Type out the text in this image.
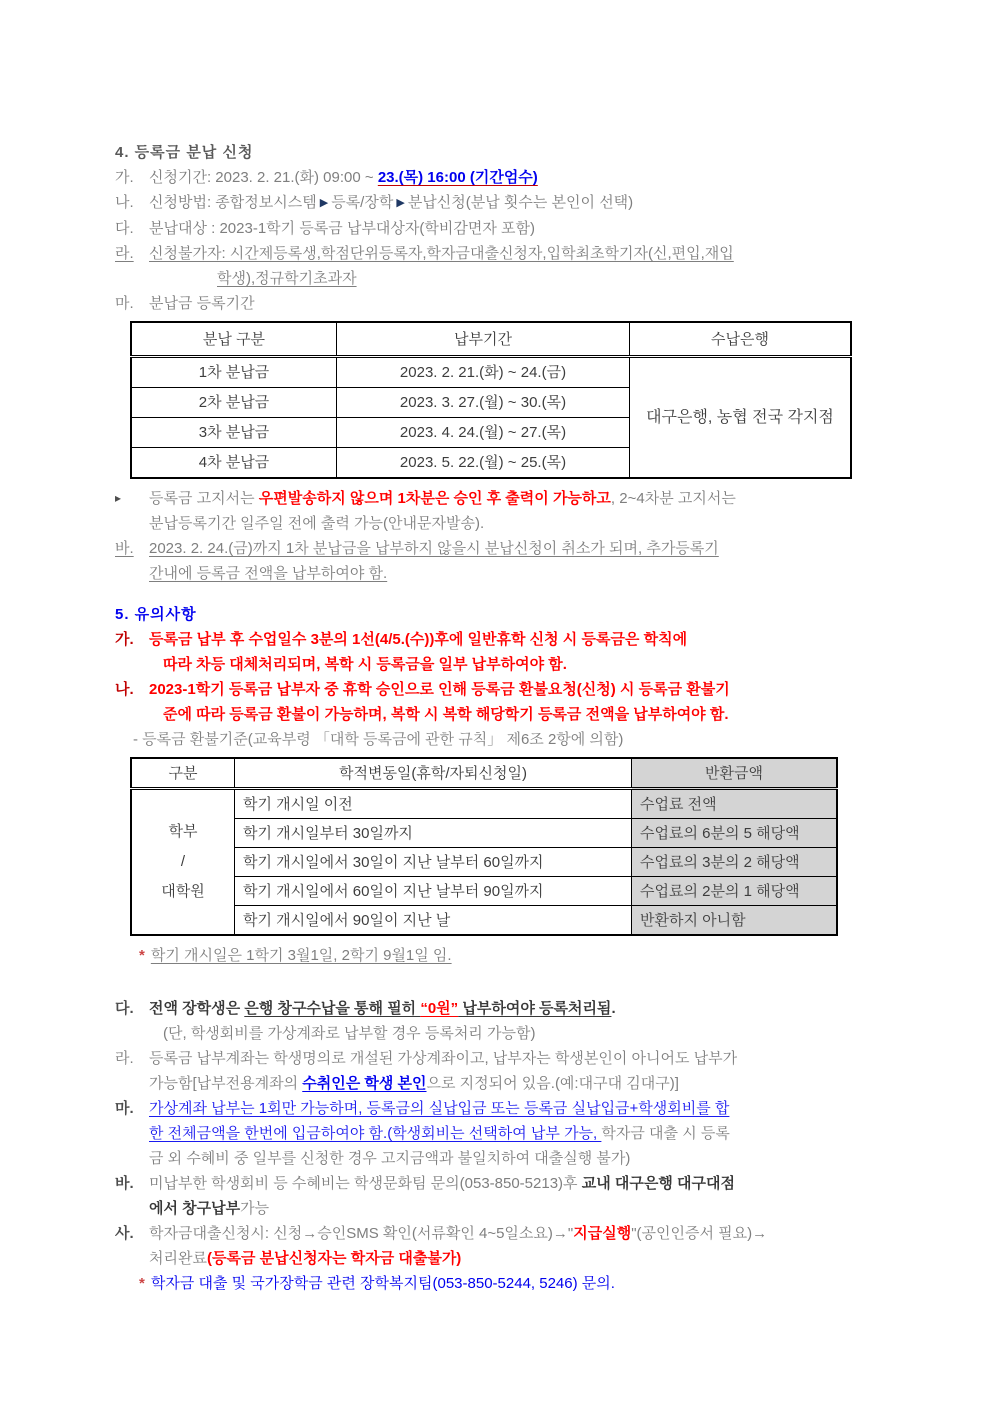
4. 등록금 분납 신청
가.	신청기간: 2023. 2. 21.(화) 09:00 ~ 23.(목) 16:00 (기간엄수)
나.	신청방법: 종합정보시스템 ▶ 등록/장학 ▶ 분납신청(분납 횟수는 본인이 선택)
다.	분납대상 : 2023-1학기 등록금 납부대상자(학비감면자 포함)
라.	신청불가자: 시간제등록생,학점단위등록자,학자금대출신청자,입학최초학기자(신,편입,재입
학생),정규학기초과자
마.	분납금 등록기간
분납 구분	납부기간	수납은행
1차 분납금	2023. 2. 21.(화) ~ 24.(금)	대구은행, 농협 전국 각지점
2차 분납금	2023. 3. 27.(월) ~ 30.(목)	
3차 분납금	2023. 4. 24.(월) ~ 27.(목)	
4차 분납금	2023. 5. 22.(월) ~ 25.(목)	
▸	등록금 고지서는 우편발송하지 않으며 1차분은 승인 후 출력이 가능하고, 2~4차분 고지서는
분납등록기간 일주일 전에 출력 가능(안내문자발송).
바.	2023. 2. 24.(금)까지 1차 분납금을 납부하지 않을시 분납신청이 취소가 되며, 추가등록기
간내에 등록금 전액을 납부하여야 함.
5. 유의사항
가.	등록금 납부 후 수업일수 3분의 1선(4/5.(수))후에 일반휴학 신청 시 등록금은 학칙에
따라 차등 대체처리되며, 복학 시 등록금을 일부 납부하여야 함.
나.	2023-1학기 등록금 납부자 중 휴학 승인으로 인해 등록금 환불요청(신청) 시 등록금 환불기
준에 따라 등록금 환불이 가능하며, 복학 시 복학 해당학기 등록금 전액을 납부하여야 함.
- 등록금 환불기준(교육부령 「대학 등록금에 관한 규칙」 제6조 2항에 의함)
구분	학적변동일(휴학/자퇴신청일)	반환금액

학부
/
대학원	학기 개시일 이전	수업료 전액
	학기 개시일부터 30일까지	수업료의 6분의 5 해당액
	학기 개시일에서 30일이 지난 날부터 60일까지	수업료의 3분의 2 해당액
	학기 개시일에서 60일이 지난 날부터 90일까지	수업료의 2분의 1 해당액
	학기 개시일에서 90일이 지난 날	반환하지 아니함
* 학기 개시일은 1학기 3월1일, 2학기 9월1일 임.
다.	전액 장학생은 은행 창구수납을 통해 필히 “0원” 납부하여야 등록처리됨.
(단, 학생회비를 가상계좌로 납부할 경우 등록처리 가능함)
라.	등록금 납부계좌는 학생명의로 개설된 가상계좌이고, 납부자는 학생본인이 아니어도 납부가
가능함[납부전용계좌의 수취인은 학생 본인으로 지정되어 있음.(예:대구대 김대구)]
마.	가상계좌 납부는 1회만 가능하며, 등록금의 실납입금 또는 등록금 실납입금+학생회비를 합
한 전체금액을 한번에 입금하여야 함.(학생회비는 선택하여 납부 가능, 학자금 대출 시 등록
금 외 수혜비 중 일부를 신청한 경우 고지금액과 불일치하여 대출실행 불가)
바.	미납부한 학생회비 등 수혜비는 학생문화팀 문의(053-850-5213)후 교내 대구은행 대구대점
에서 창구납부가능
사.	학자금대출신청시: 신청→승인SMS 확인(서류확인 4~5일소요)→"지급실행"(공인인증서 필요)→
처리완료(등록금 분납신청자는 학자금 대출불가)
* 학자금 대출 및 국가장학금 관련 장학복지팀(053-850-5244, 5246) 문의.
